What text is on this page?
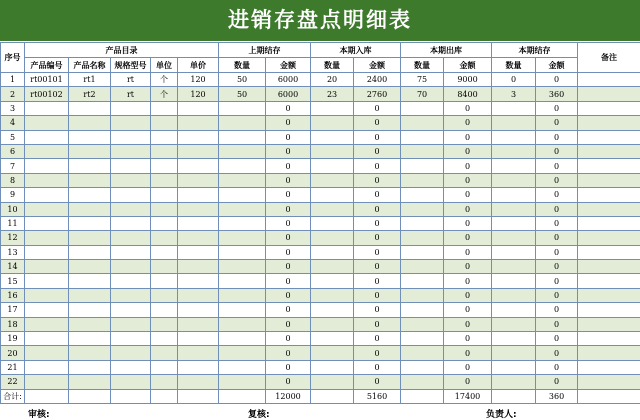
进销存盘点明细表
序号	产品目录					上期结存		本期入库		本期出库		本期结存		备注
	产品编号	产品名称	规格型号	单位	单价	数量	金额	数量	金额	数量	金额	数量	金额	
1	rt00101	rt1	rt	个	120	50	6000	20	2400	75	9000	0	0	
2	rt00102	rt2	rt	个	120	50	6000	23	2760	70	8400	3	360	
3							0		0		0		0	
4							0		0		0		0	
5							0		0		0		0	
6							0		0		0		0	
7							0		0		0		0	
8							0		0		0		0	
9							0		0		0		0	
10							0		0		0		0	
11							0		0		0		0	
12							0		0		0		0	
13							0		0		0		0	
14							0		0		0		0	
15							0		0		0		0	
16							0		0		0		0	
17							0		0		0		0	
18							0		0		0		0	
19							0		0		0		0	
20							0		0		0		0	
21							0		0		0		0	
22							0		0		0		0	
合计:							12000		5160		17400		360	
审核:	复核:	负责人:
